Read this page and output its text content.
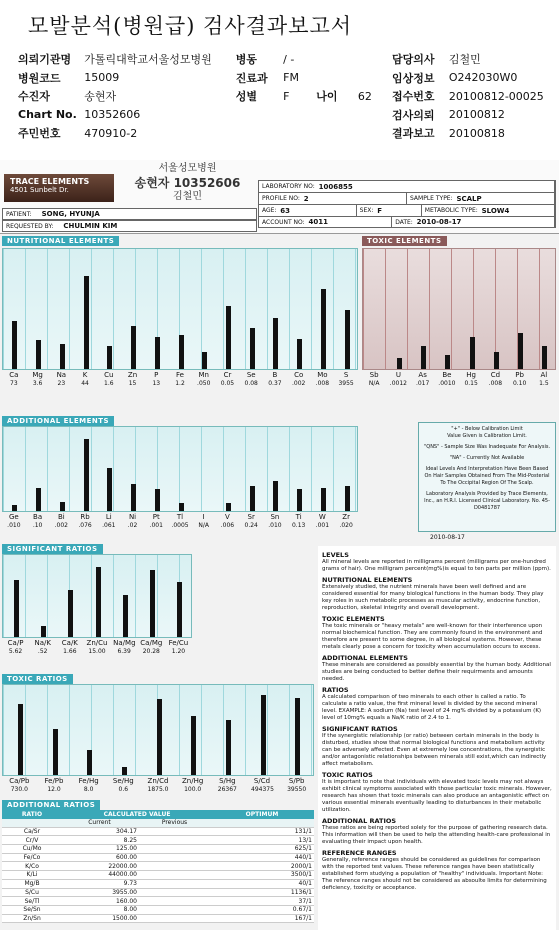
모발분석(병원급) 검사결과보고서
의뢰기관명	가톨릭대학교서울성모병원	병동	/ -	담당의사	김철민
병원코드	15009	진료과	FM	임상정보	O242030W0
수진자	송현자	성별	F	나이	62	접수번호	20100812-00025
Chart No. 10352606	검사의뢰	20100812
주민번호	470910-2	결과보고	20100818
TRACE ELEMENTS
4501 Sunbelt Dr.
서울성모병원
송현자 10352606
김철민
LABORATORY NO:
1006855
PROFILE NO:
2	SAMPLE TYPE:
SCALP
AGE:
63	SEX:
F	METABOLIC TYPE:
SLOW4
ACCOUNT NO:
4011	DATE:
2010-08-17
PATIENT: SONG, HYUNJA
REQUESTED BY: CHULMIN KIM
NUTRITIONAL ELEMENTS
Ca
73
Mg
3.6
Na
23
K
44
Cu
1.6
Zn
15
P
13
Fe
1.2
Mn
.050
Cr
0.05
Se
0.08
B
0.37
Co
.002
Mo
.008
S
3955
TOXIC ELEMENTS
Sb
N/A
U
.0012
As
.017
Be
.0010
Hg
0.15
Cd
.008
Pb
0.10
Al
1.5
ADDITIONAL ELEMENTS
Ge
.010
Ba
.10
Bi
.002
Rb
.076
Li
.061
Ni
.02
Pt
.001
Tl
.0005
I
N/A
V
.006
Sr
0.24
Sn
.010
Ti
0.13
W
.001
Zr
.020
"+" - Below Calibration Limit
Value Given is Calibration Limit.
"QNS" - Sample Size Was Inadequate For Analysis.
"NA" - Currently Not Available
Ideal Levels And Interpretation Have Been Based On Hair Samples Obtained From The Mid-Posterial To The Occipital Region Of The Scalp.
Laboratory Analysis Provided by Trace Elements, Inc., an H.R.I. Licensed Clinical Laboratory. No. 45-D0481787
2010-08-17
SIGNIFICANT RATIOS
Ca/P
5.62
Na/K
.52
Ca/K
1.66
Zn/Cu
15.00
Na/Mg
6.39
Ca/Mg
20.28
Fe/Cu
1.20
TOXIC RATIOS
Ca/Pb
730.0
Fe/Pb
12.0
Fe/Hg
8.0
Se/Hg
0.6
Zn/Cd
1875.0
Zn/Hg
100.0
S/Hg
26367
S/Cd
494375
S/Pb
39550
ADDITIONAL RATIOS
RATIO	CALCULATED VALUE	OPTIMUM
Current	Previous
Ca/Sr	304.17	131/1
Cr/V	8.25	13/1
Cu/Mo	125.00	625/1
Fe/Co	600.00	440/1
K/Co	22000.00	2000/1
K/Li	44000.00	3500/1
Mg/B	9.73	40/1
S/Cu	3955.00	1136/1
Se/Tl	160.00	37/1
Se/Sn	8.00	0.67/1
Zn/Sn	1500.00	167/1
LEVELS
All mineral levels are reported in milligrams percent (milligrams per one-hundred grams of hair). One milligram percent(mg%)is equal to ten parts per million (ppm).
NUTRITIONAL ELEMENTS
Extensively studied, the nutrient minerals have been well defined and are considered essential for many biological functions in the human body. They play key roles in such metabolic processes as muscular activity, endocrine function, reproduction, skeletal integrity and overall development.
TOXIC ELEMENTS
The toxic minerals or "heavy metals" are well-known for their interference upon normal biochemical function. They are commonly found in the environment and therefore are present to some degree, in all biological systems. However, these metals clearly pose a concern for toxicity when accumulation occurs to excess.
ADDITIONAL ELEMENTS
These minerals are considered as possibly essential by the human body. Additional studies are being conducted to better define their requirments and amounts needed.
RATIOS
A calculated comparison of two minerals to each other is called a ratio. To calculate a ratio value, the first mineral level is divided by the second mineral level. EXAMPLE: A sodium (Na) test level of 24 mg% divided by a potassium (K) level of 10mg% equals a Na/K ratio of 2.4 to 1.
SIGNIFICANT RATIOS
If the synergistic relationship (or ratio) between certain minerals in the body is disturbed, studies show that normal biological functions and metabolism activity can be adversely affected. Even at extremely low concentrations, the synergistic and/or antagonistic relationships between minerals still exist,which can indirectly affect metabolism.
TOXIC RATIOS
It is important to note that individuals with elevated toxic levels may not always exhibit clinical symptoms associated with those particular toxic minerals. However, research has shown that toxic minerals can also produce an antagonistic effect on various essential minerals eventually leading to disturbances in their metabolic utilization.
ADDITIONAL RATIOS
These ratios are being reported solely for the purpose of gathering research data. This information will then be used to help the attending health-care professional in evaluating their impact upon health.
REFERENCE RANGES
Generally, reference ranges should be considered as guidelines for comparison with the reported test values. These reference ranges have been statistically established form studying a population of "healthy" individuals. Important Note: The reference ranges should not be considered as absoulte limits for determining deficiency, toxicity or acceptance.
